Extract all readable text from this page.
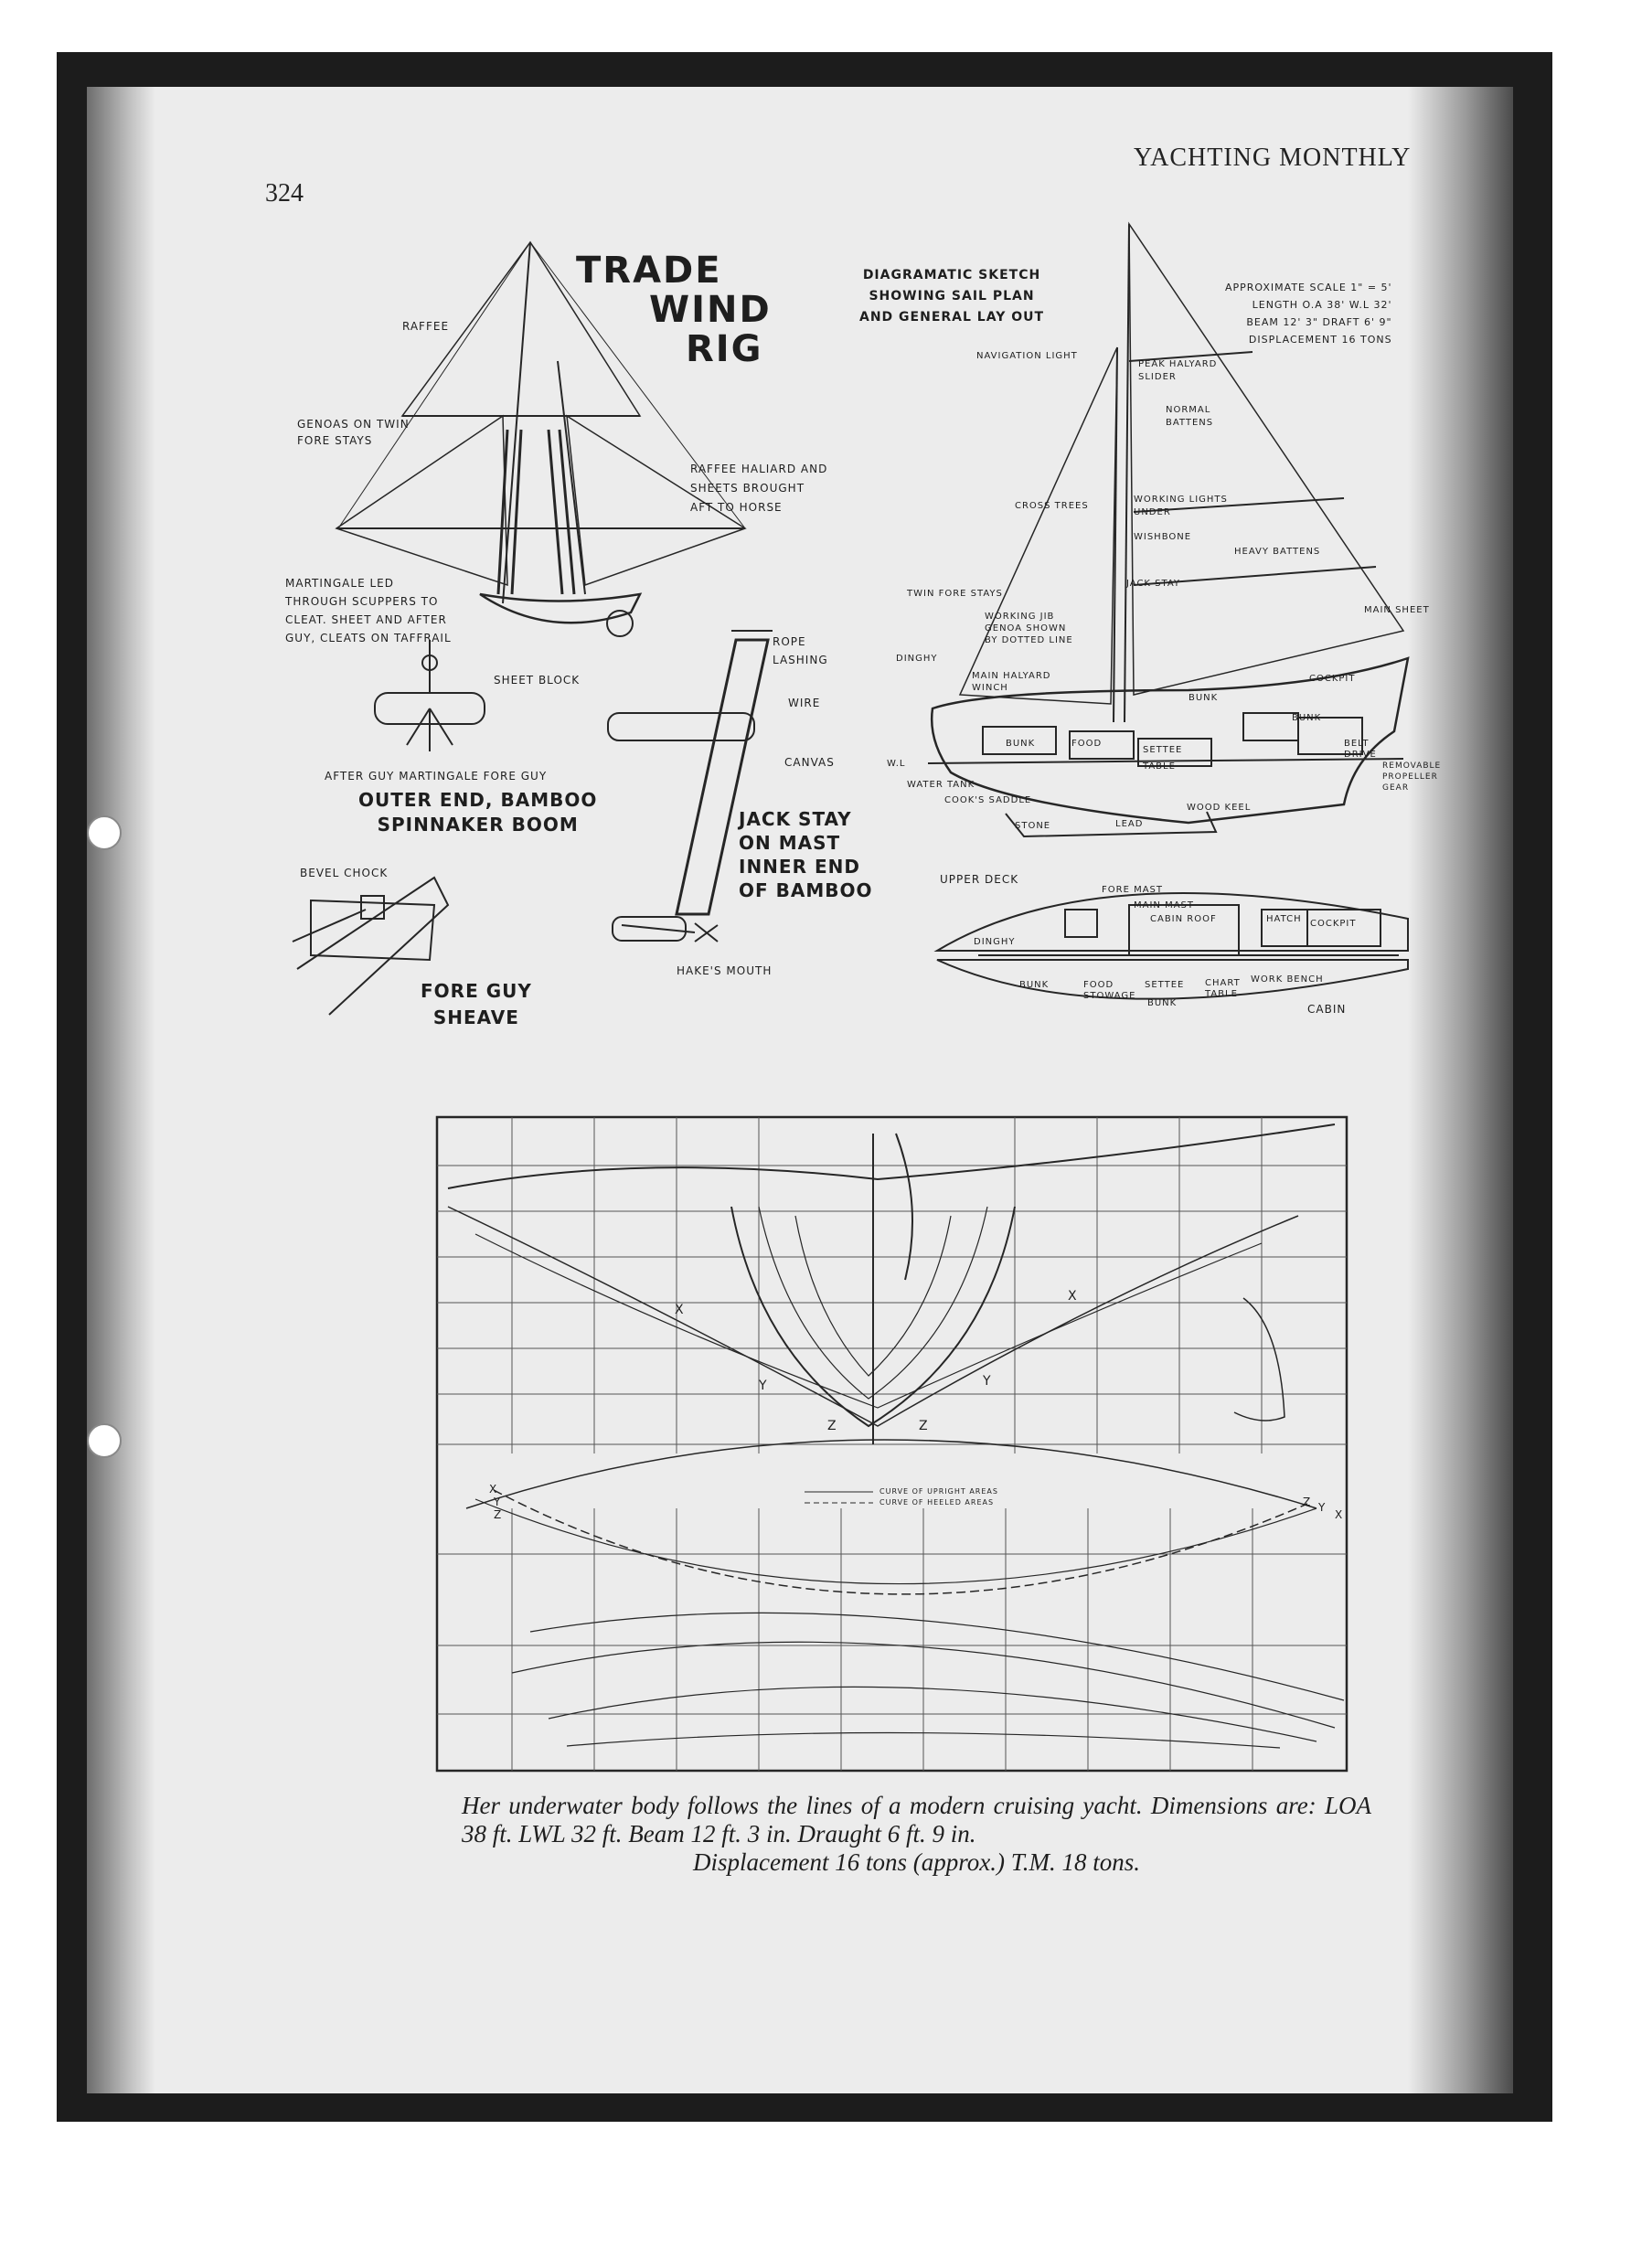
324
YACHTING MONTHLY
TRADE
WIND
RIG
RAFFEE
GENOAS ON TWIN
FORE STAYS
RAFFEE HALIARD AND
SHEETS BROUGHT
AFT TO HORSE
MARTINGALE LED
THROUGH SCUPPERS TO
CLEAT. SHEET AND AFTER
GUY, CLEATS ON TAFFRAIL
SHEET BLOCK
AFTER GUY MARTINGALE FORE GUY
OUTER END, BAMBOO
SPINNAKER BOOM
ROPE
LASHING
WIRE
CANVAS
JACK STAY
ON MAST
INNER END
OF BAMBOO
HAKE'S MOUTH
BEVEL CHOCK
FORE GUY
SHEAVE
DIAGRAMATIC SKETCH
SHOWING SAIL PLAN
AND GENERAL LAY OUT
APPROXIMATE SCALE 1" = 5'
LENGTH O.A 38' W.L 32'
BEAM 12' 3" DRAFT 6' 9"
DISPLACEMENT 16 TONS
NAVIGATION LIGHT
PEAK HALYARD
SLIDER
NORMAL
BATTENS
CROSS TREES
WORKING LIGHTS
UNDER
WISHBONE
HEAVY BATTENS
JACK STAY
TWIN FORE STAYS
WORKING JIB
GENOA SHOWN
BY DOTTED LINE
MAIN SHEET
DINGHY
MAIN HALYARD
WINCH
COCKPIT
BUNK
BUNK
BELT
DRIVE
BUNK	FOOD
SETTEE
TABLE
W.L
WATER TANK
COOK'S SADDLE
STONE	LEAD
WOOD KEEL
REMOVABLE
PROPELLER
GEAR
UPPER DECK
FORE MAST
MAIN MAST
CABIN ROOF	HATCH COCKPIT
DINGHY
BUNK	FOOD
STOWAGE
SETTEE
BUNK
CHART
TABLE
WORK BENCH
CABIN
CURVE OF UPRIGHT AREAS
CURVE OF HEELED AREAS
X
X
Y	Y
Z	Z
X
Y
Z
Z Y
X
Her underwater body follows the lines of a modern cruising yacht. Dimensions are: LOA 38 ft. LWL 32 ft. Beam 12 ft. 3 in. Draught 6 ft. 9 in.
Displacement 16 tons (approx.) T.M. 18 tons.
